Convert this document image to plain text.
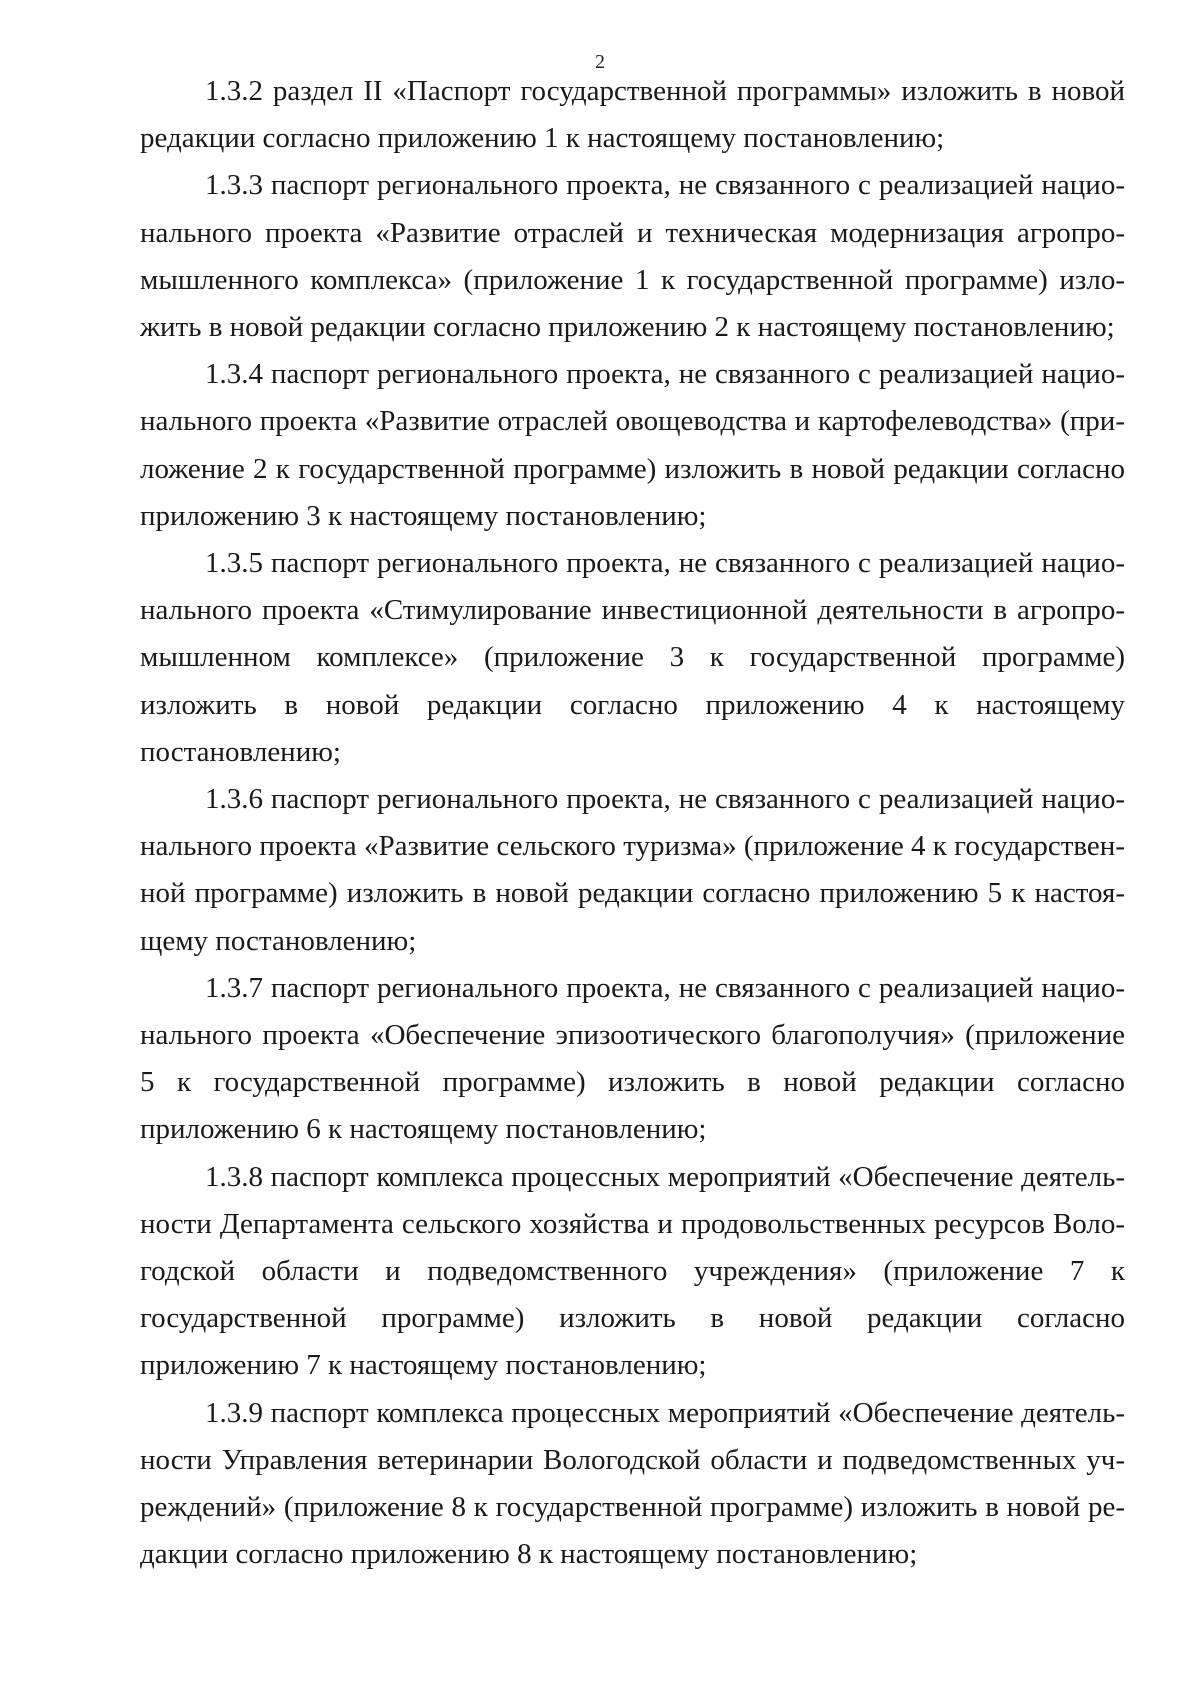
2

1.3.2 раздел II «Паспорт государственной программы» изложить в новой редакции согласно приложению 1 к настоящему постановлению;

1.3.3 паспорт регионального проекта, не связанного с реализацией национального проекта «Развитие отраслей и техническая модернизация агропромышленного комплекса» (приложение 1 к государственной программе) изложить в новой редакции согласно приложению 2 к настоящему постановлению;

1.3.4 паспорт регионального проекта, не связанного с реализацией национального проекта «Развитие отраслей овощеводства и картофелеводства» (приложение 2 к государственной программе) изложить в новой редакции согласно приложению 3 к настоящему постановлению;

1.3.5 паспорт регионального проекта, не связанного с реализацией национального проекта «Стимулирование инвестиционной деятельности в агропромышленном комплексе» (приложение 3 к государственной программе) изложить в новой редакции согласно приложению 4 к настоящему постановлению;

1.3.6 паспорт регионального проекта, не связанного с реализацией национального проекта «Развитие сельского туризма» (приложение 4 к государственной программе) изложить в новой редакции согласно приложению 5 к настоящему постановлению;

1.3.7 паспорт регионального проекта, не связанного с реализацией национального проекта «Обеспечение эпизоотического благополучия» (приложение 5 к государственной программе) изложить в новой редакции согласно приложению 6 к настоящему постановлению;

1.3.8 паспорт комплекса процессных мероприятий «Обеспечение деятельности Департамента сельского хозяйства и продовольственных ресурсов Вологодской области и подведомственного учреждения» (приложение 7 к государственной программе) изложить в новой редакции согласно приложению 7 к настоящему постановлению;

1.3.9 паспорт комплекса процессных мероприятий «Обеспечение деятельности Управления ветеринарии Вологодской области и подведомственных учреждений» (приложение 8 к государственной программе) изложить в новой редакции согласно приложению 8 к настоящему постановлению;
